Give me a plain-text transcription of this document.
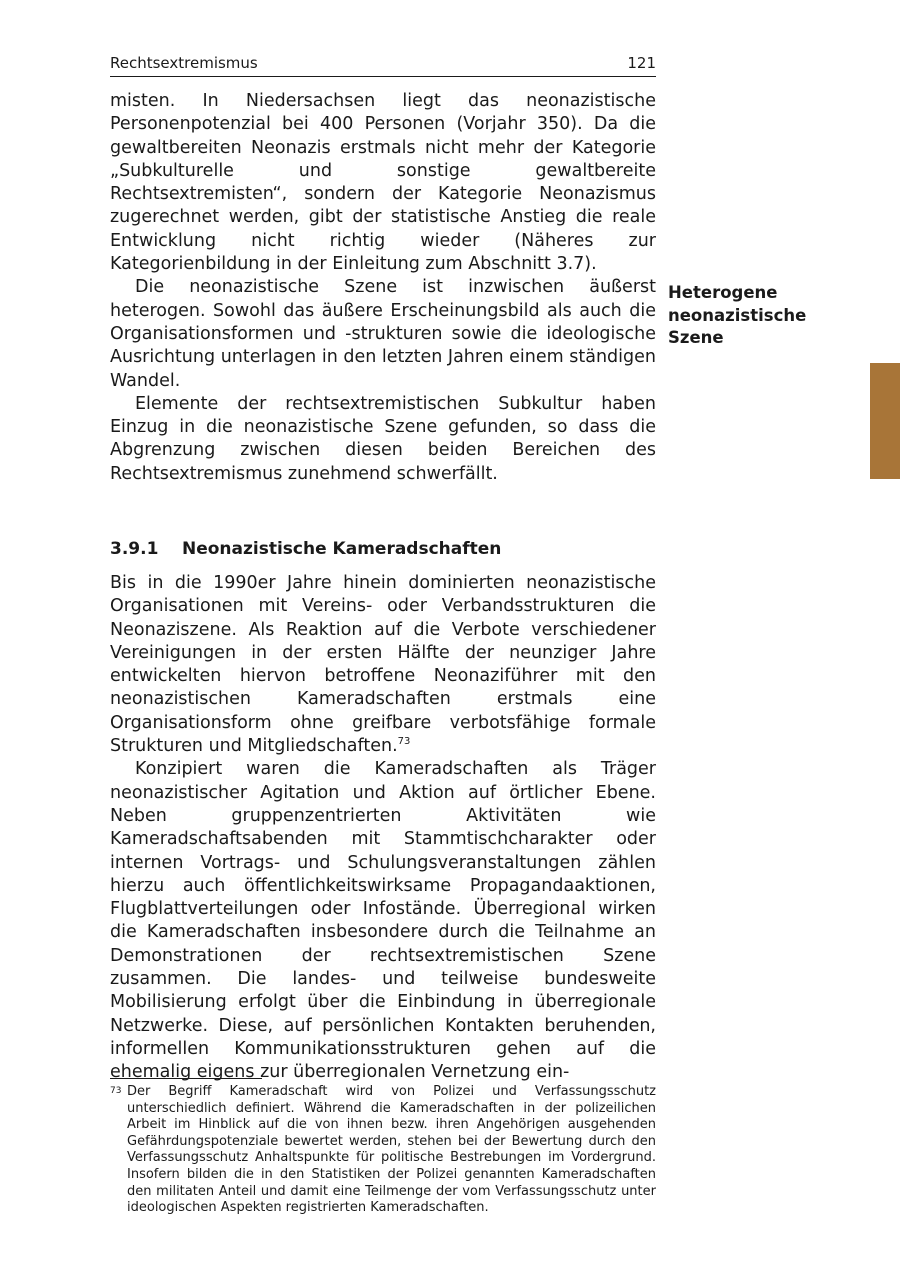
Rechtsextremismus	121

misten. In Niedersachsen liegt das neonazistische Personenpotenzial bei 400 Personen (Vorjahr 350). Da die gewaltbereiten Neonazis erstmals nicht mehr der Kategorie „Subkulturelle und sonstige gewaltbereite Rechtsextremisten“, sondern der Kategorie Neonazismus zugerechnet werden, gibt der statistische Anstieg die reale Entwicklung nicht richtig wieder (Näheres zur Kategorienbildung in der Einleitung zum Abschnitt 3.7).

Die neonazistische Szene ist inzwischen äußerst heterogen. Sowohl das äußere Erscheinungsbild als auch die Organisationsformen und -strukturen sowie die ideologische Ausrichtung unterlagen in den letzten Jahren einem ständigen Wandel.

Elemente der rechtsextremistischen Subkultur haben Einzug in die neonazistische Szene gefunden, so dass die Abgrenzung zwischen diesen beiden Bereichen des Rechtsextremismus zunehmend schwerfällt.

Heterogene
neonazistische
Szene
3.9.1 Neonazistische Kameradschaften

Bis in die 1990er Jahre hinein dominierten neonazistische Organisationen mit Vereins- oder Verbandsstrukturen die Neonaziszene. Als Reaktion auf die Verbote verschiedener Vereinigungen in der ersten Hälfte der neunziger Jahre entwickelten hiervon betroffene Neonaziführer mit den neonazistischen Kameradschaften erstmals eine Organisationsform ohne greifbare verbotsfähige formale Strukturen und Mitgliedschaften.$^{73}$

Konzipiert waren die Kameradschaften als Träger neonazistischer Agitation und Aktion auf örtlicher Ebene. Neben gruppenzentrierten Aktivitäten wie Kameradschaftsabenden mit Stammtischcharakter oder internen Vortrags- und Schulungsveranstaltungen zählen hierzu auch öffentlichkeitswirksame Propagandaaktionen, Flugblattverteilungen oder Infostände. Überregional wirken die Kameradschaften insbesondere durch die Teilnahme an Demonstrationen der rechtsextremistischen Szene zusammen. Die landes- und teilweise bundesweite Mobilisierung erfolgt über die Einbindung in überregionale Netzwerke. Diese, auf persönlichen Kontakten beruhenden, informellen Kommunikationsstrukturen gehen auf die ehemalig eigens zur überregionalen Vernetzung ein-

73 Der Begriff Kameradschaft wird von Polizei und Verfassungsschutz unterschiedlich definiert. Während die Kameradschaften in der polizeilichen Arbeit im Hinblick auf die von ihnen bezw. ihren Angehörigen ausgehenden Gefährdungspotenziale bewertet werden, stehen bei der Bewertung durch den Verfassungsschutz Anhaltspunkte für politische Bestrebungen im Vordergrund. Insofern bilden die in den Statistiken der Polizei genannten Kameradschaften den militaten Anteil und damit eine Teilmenge der vom Verfassungsschutz unter ideologischen Aspekten registrierten Kameradschaften.
